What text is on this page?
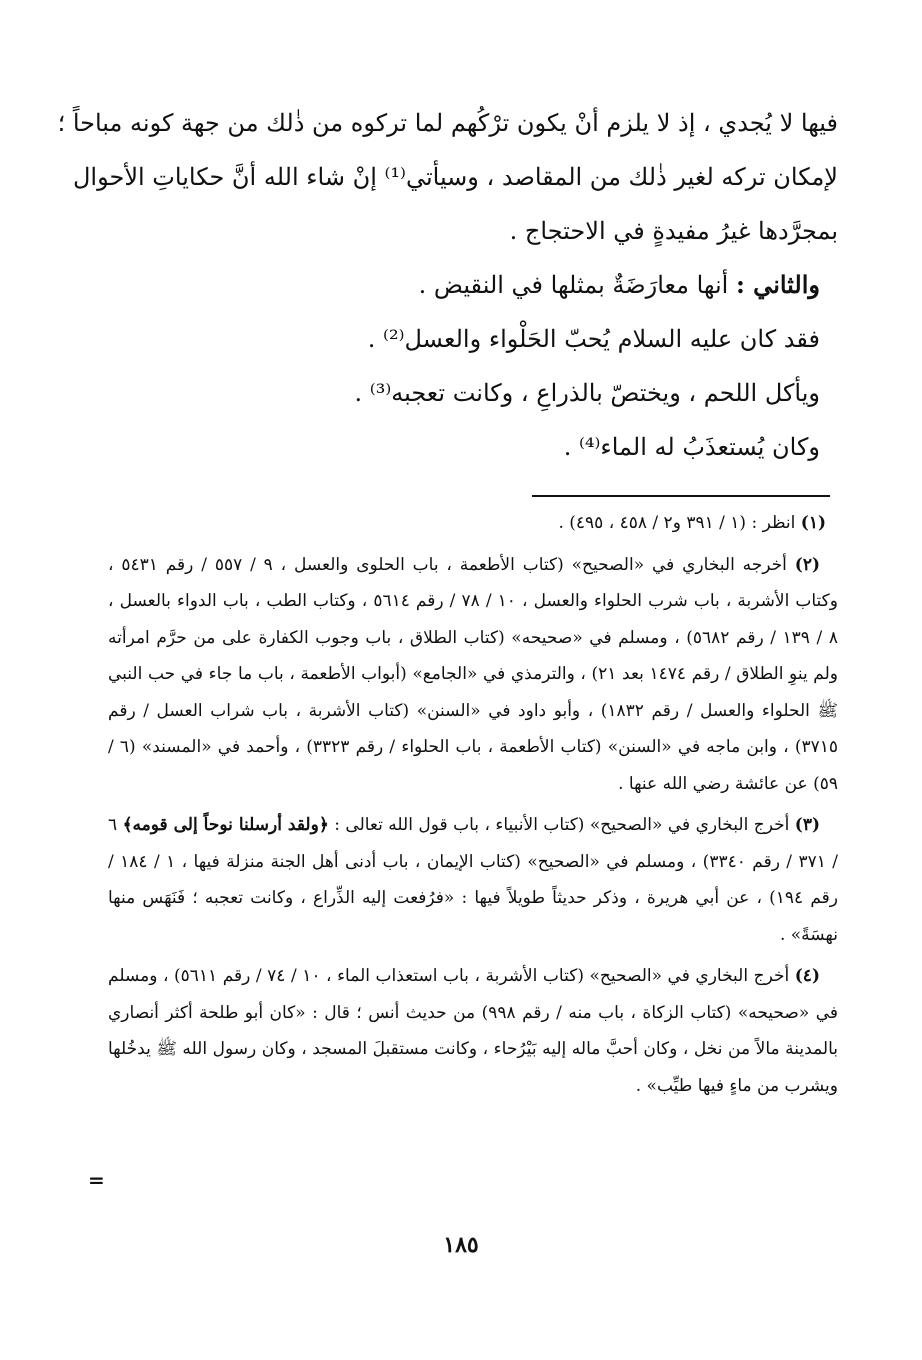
فيها لا يُجدي ، إذ لا يلزم أنْ يكون ترْكُهم لما تركوه من ذٰلك من جهة كونه مباحاً ؛
لإمكان تركه لغير ذٰلك من المقاصد ، وسيأتي⁽¹⁾ إنْ شاء الله أنَّ حكاياتِ الأحوال
بمجرَّدها غيرُ مفيدةٍ في الاحتجاج .
والثاني : أنها معارَضَةٌ بمثلها في النقيض .
فقد كان عليه السلام يُحبّ الحَلْواء والعسل⁽²⁾ .
ويأكل اللحم ، ويختصّ بالذراعِ ، وكانت تعجبه⁽³⁾ .
وكان يُستعذَبُ له الماء⁽⁴⁾ .

(١) انظر : (١ / ٣٩١ و٢ / ٤٥٨ ، ٤٩٥) .

(٢) أخرجه البخاري في «الصحيح» (كتاب الأطعمة ، باب الحلوى والعسل ، ٩ / ٥٥٧ / رقم ٥٤٣١ ، وكتاب الأشربة ، باب شرب الحلواء والعسل ، ١٠ / ٧٨ / رقم ٥٦١٤ ، وكتاب الطب ، باب الدواء بالعسل ، ٨ / ١٣٩ / رقم ٥٦٨٢) ، ومسلم في «صحيحه» (كتاب الطلاق ، باب وجوب الكفارة على من حرَّم امرأته ولم ينوِ الطلاق / رقم ١٤٧٤ بعد ٢١) ، والترمذي في «الجامع» (أبواب الأطعمة ، باب ما جاء في حب النبي ﷺ الحلواء والعسل / رقم ١٨٣٢) ، وأبو داود في «السنن» (كتاب الأشربة ، باب شراب العسل / رقم ٣٧١٥) ، وابن ماجه في «السنن» (كتاب الأطعمة ، باب الحلواء / رقم ٣٣٢٣) ، وأحمد في «المسند» (٦ / ٥٩) عن عائشة رضي الله عنها .

(٣) أخرج البخاري في «الصحيح» (كتاب الأنبياء ، باب قول الله تعالى : ﴿ولقد أرسلنا نوحاً إلى قومه﴾ ٦ / ٣٧١ / رقم ٣٣٤٠) ، ومسلم في «الصحيح» (كتاب الإيمان ، باب أدنى أهل الجنة منزلة فيها ، ١ / ١٨٤ / رقم ١٩٤) ، عن أبي هريرة ، وذكر حديثاً طويلاً فيها : «فرُفعت إليه الذِّراع ، وكانت تعجبه ؛ فَنَهَس منها نهسَةً» .

(٤) أخرج البخاري في «الصحيح» (كتاب الأشربة ، باب استعذاب الماء ، ١٠ / ٧٤ / رقم ٥٦١١) ، ومسلم في «صحيحه» (كتاب الزكاة ، باب منه / رقم ٩٩٨) من حديث أنس ؛ قال : «كان أبو طلحة أكثر أنصاري بالمدينة مالاً من نخل ، وكان أحبَّ ماله إليه بَيْرُحاء ، وكانت مستقبلَ المسجد ، وكان رسول الله ﷺ يدخُلها ويشرب من ماءٍ فيها طيِّب» .

=
١٨٥
